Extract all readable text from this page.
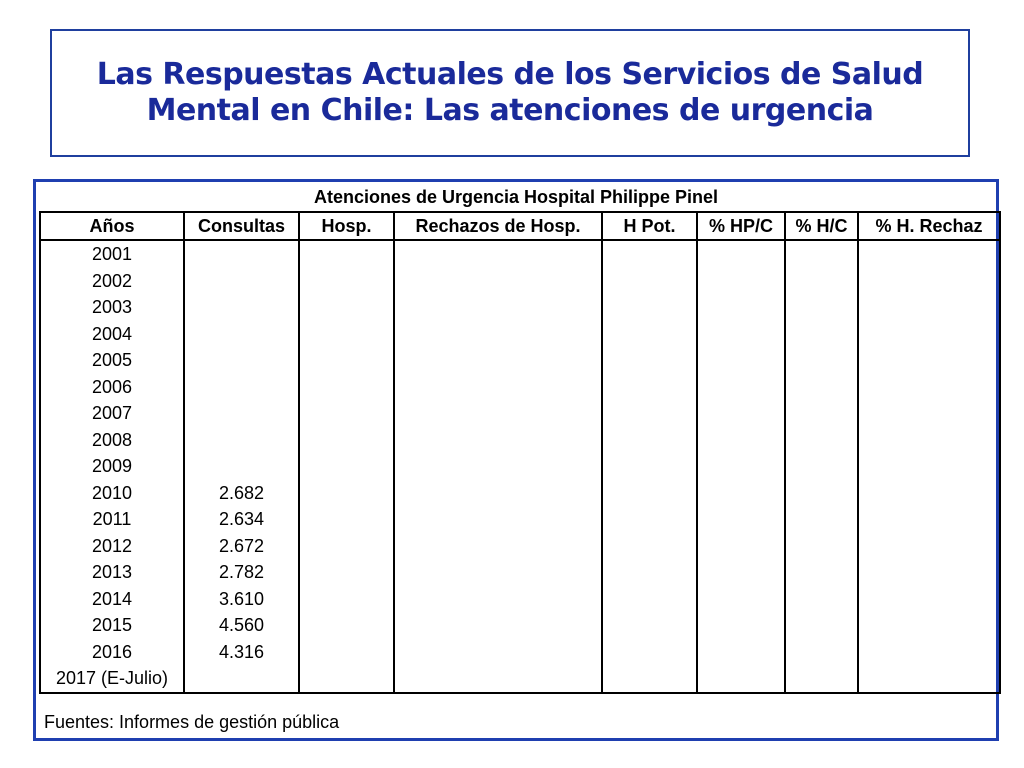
Las Respuestas Actuales de los Servicios de Salud
Mental en Chile: Las atenciones de urgencia
Atenciones de Urgencia Hospital Philippe Pinel
Años	Consultas	Hosp.	Rechazos de Hosp.	H Pot.	% HP/C	% H/C	% H. Rechaz
2001							
2002							
2003							
2004							
2005							
2006							
2007							
2008							
2009							
2010	2.682						
2011	2.634						
2012	2.672						
2013	2.782						
2014	3.610						
2015	4.560						
2016	4.316						
2017 (E-Julio)							
Fuentes: Informes de gestión pública
